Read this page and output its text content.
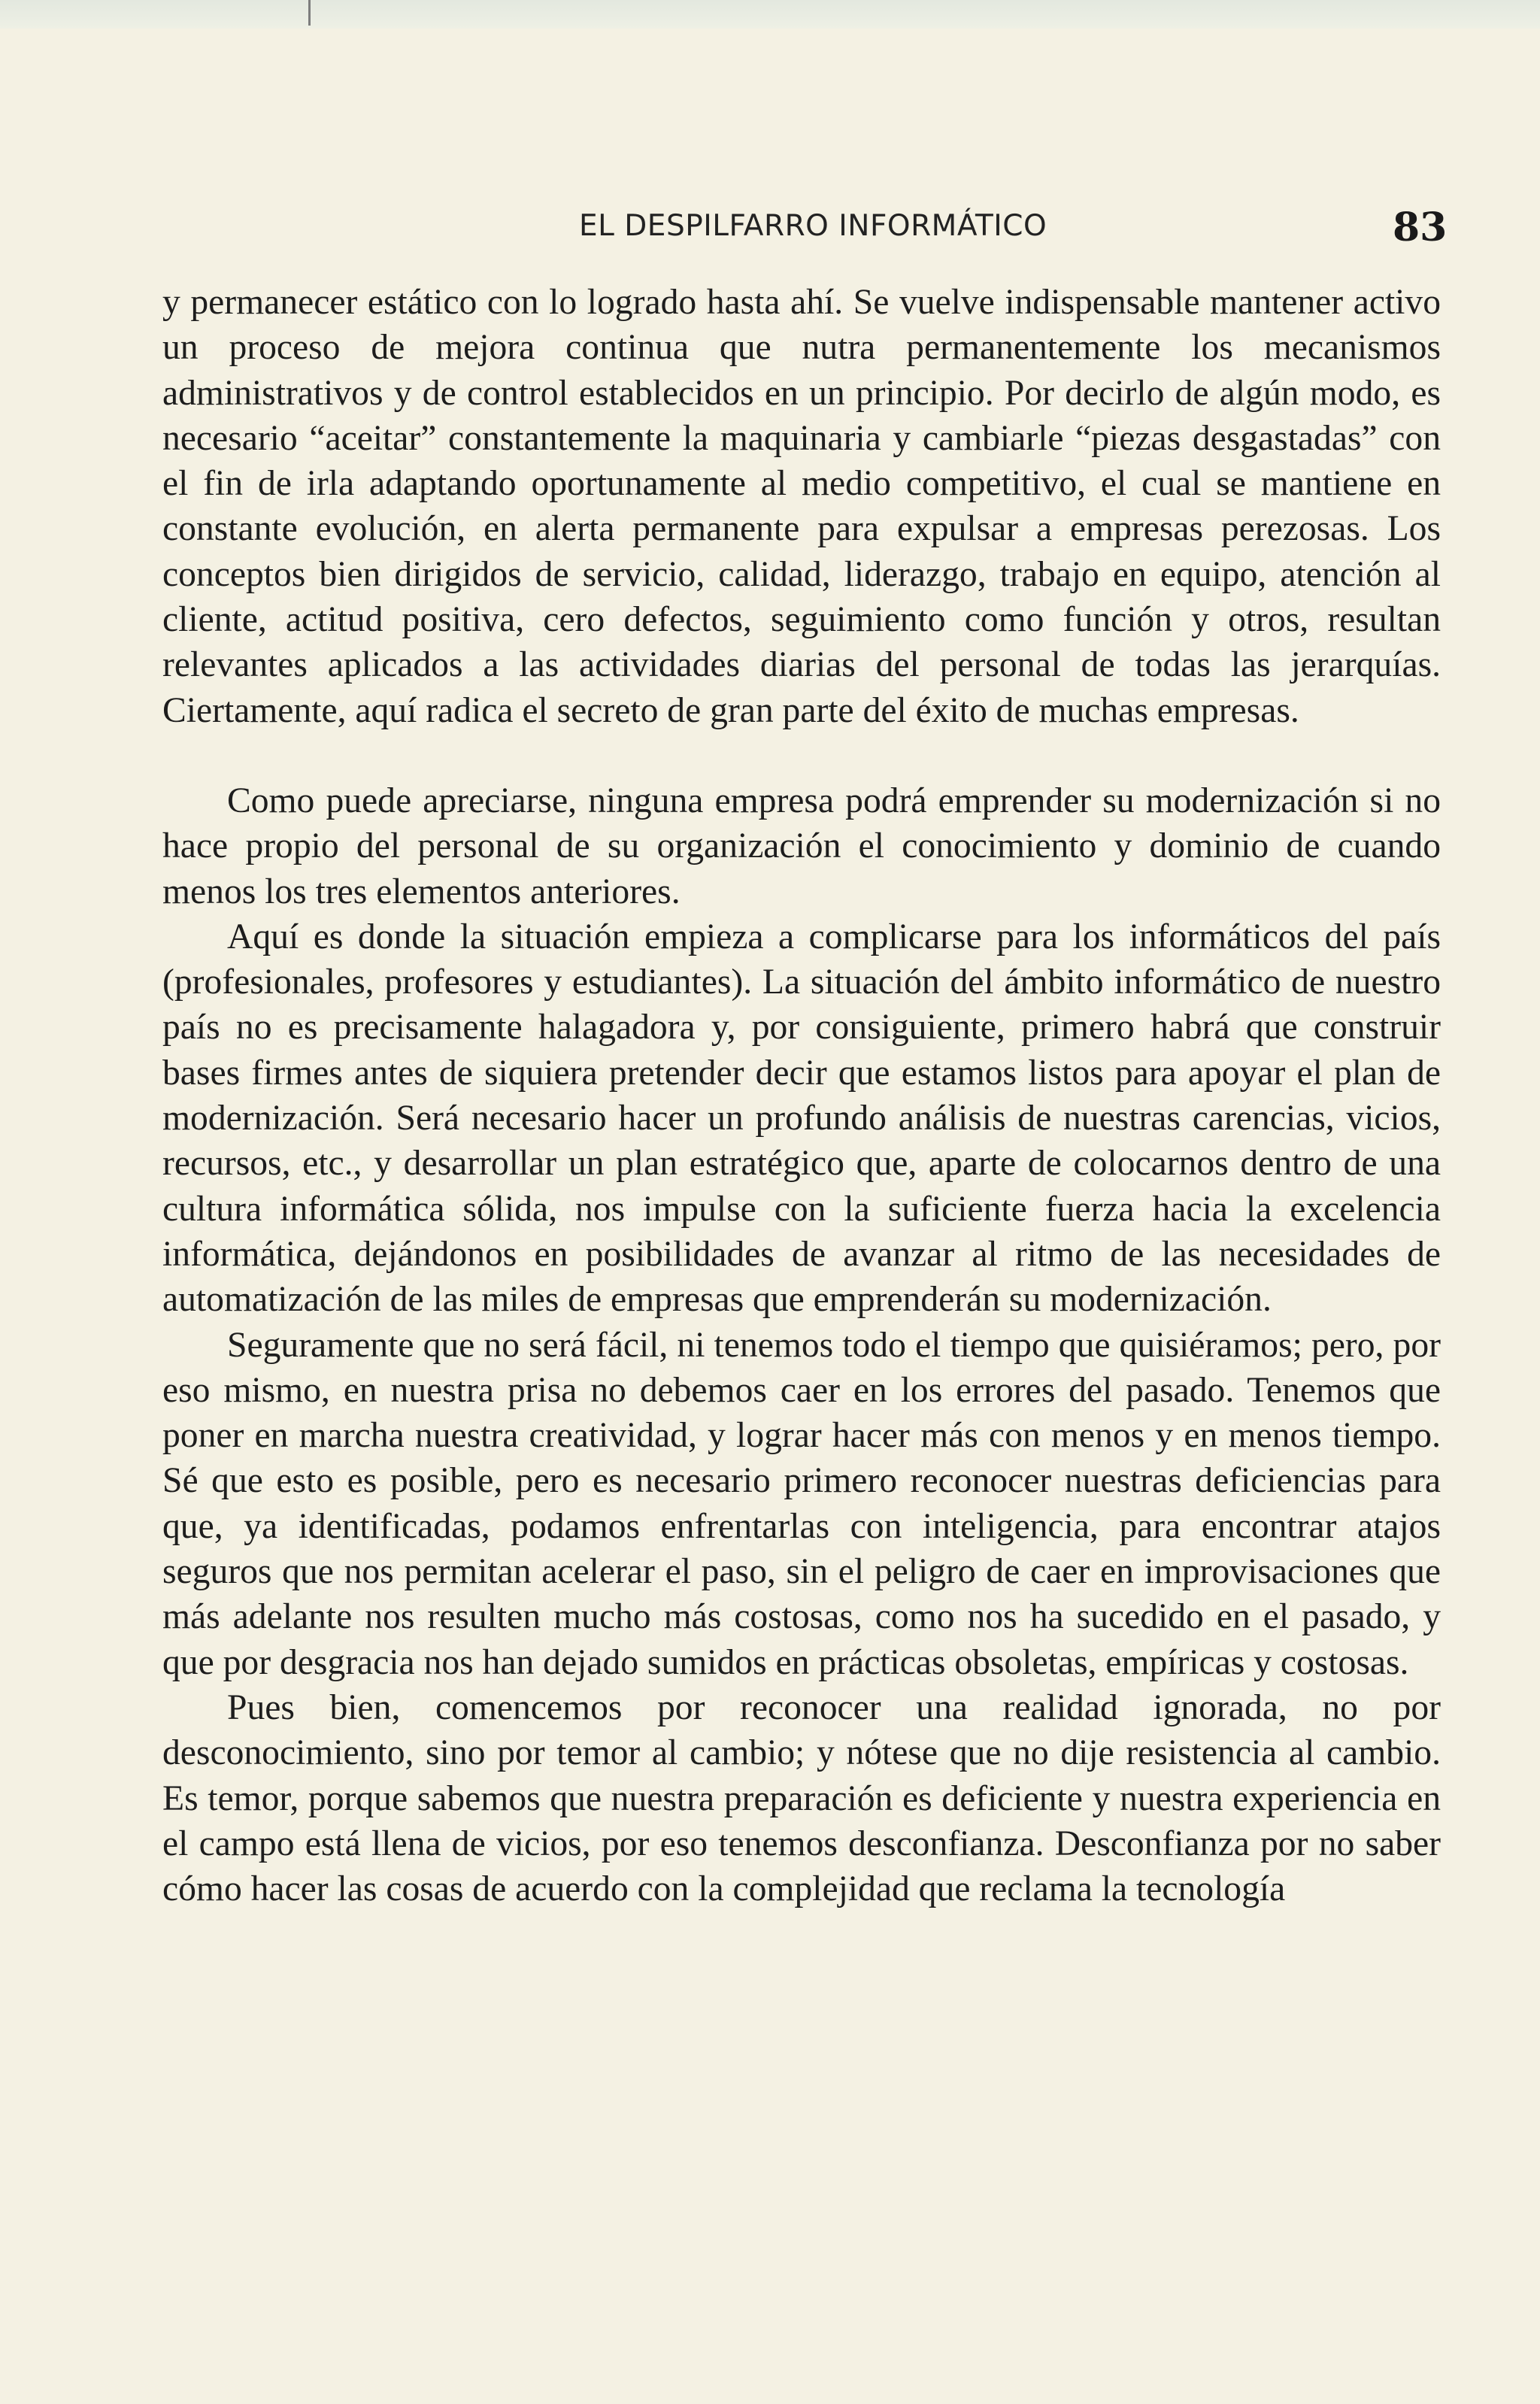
EL DESPILFARRO INFORMÁTICO	83

y permanecer estático con lo logrado hasta ahí. Se vuelve indispensable mantener activo un proceso de mejora continua que nutra permanentemente los mecanismos administrativos y de control establecidos en un principio. Por decirlo de algún modo, es necesario “aceitar” constantemente la maquinaria y cambiarle “piezas desgastadas” con el fin de irla adaptando oportunamente al medio competitivo, el cual se mantiene en constante evolución, en alerta permanente para expulsar a empresas perezosas. Los conceptos bien dirigidos de servicio, calidad, liderazgo, trabajo en equipo, atención al cliente, actitud positiva, cero defectos, seguimiento como función y otros, resultan relevantes aplicados a las actividades diarias del personal de todas las jerarquías. Ciertamente, aquí radica el secreto de gran parte del éxito de muchas empresas.

Como puede apreciarse, ninguna empresa podrá emprender su modernización si no hace propio del personal de su organización el conocimiento y dominio de cuando menos los tres elementos anteriores.

Aquí es donde la situación empieza a complicarse para los informáticos del país (profesionales, profesores y estudiantes). La situación del ámbito informático de nuestro país no es precisamente halagadora y, por consiguiente, primero habrá que construir bases firmes antes de siquiera pretender decir que estamos listos para apoyar el plan de modernización. Será necesario hacer un profundo análisis de nuestras carencias, vicios, recursos, etc., y desarrollar un plan estratégico que, aparte de colocarnos dentro de una cultura informática sólida, nos impulse con la suficiente fuerza hacia la excelencia informática, dejándonos en posibilidades de avanzar al ritmo de las necesidades de automatización de las miles de empresas que emprenderán su modernización.

Seguramente que no será fácil, ni tenemos todo el tiempo que quisiéramos; pero, por eso mismo, en nuestra prisa no debemos caer en los errores del pasado. Tenemos que poner en marcha nuestra creatividad, y lograr hacer más con menos y en menos tiempo. Sé que esto es posible, pero es necesario primero reconocer nuestras deficiencias para que, ya identificadas, podamos enfrentarlas con inteligencia, para encontrar atajos seguros que nos permitan acelerar el paso, sin el peligro de caer en improvisaciones que más adelante nos resulten mucho más costosas, como nos ha sucedido en el pasado, y que por desgracia nos han dejado sumidos en prácticas obsoletas, empíricas y costosas.

Pues bien, comencemos por reconocer una realidad ignorada, no por desconocimiento, sino por temor al cambio; y nótese que no dije resistencia al cambio. Es temor, porque sabemos que nuestra preparación es deficiente y nuestra experiencia en el campo está llena de vicios, por eso tenemos desconfianza. Desconfianza por no saber cómo hacer las cosas de acuerdo con la complejidad que reclama la tecnología
